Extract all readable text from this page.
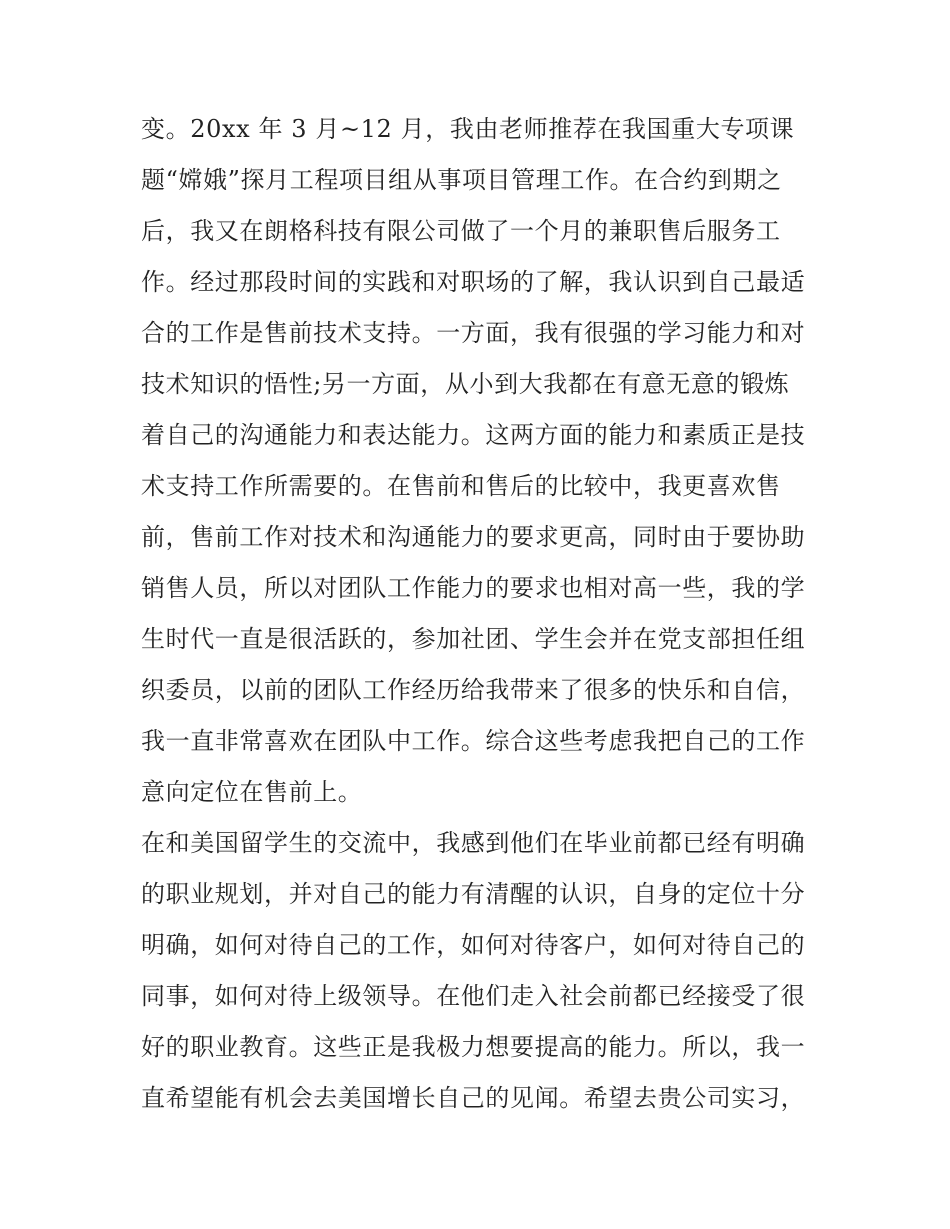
变。20xx 年 3 月~12 月，我由老师推荐在我国重大专项课
题“嫦娥”探月工程项目组从事项目管理工作。在合约到期之
后，我又在朗格科技有限公司做了一个月的兼职售后服务工
作。经过那段时间的实践和对职场的了解，我认识到自己最适
合的工作是售前技术支持。一方面，我有很强的学习能力和对
技术知识的悟性;另一方面，从小到大我都在有意无意的锻炼
着自己的沟通能力和表达能力。这两方面的能力和素质正是技
术支持工作所需要的。在售前和售后的比较中，我更喜欢售
前，售前工作对技术和沟通能力的要求更高，同时由于要协助
销售人员，所以对团队工作能力的要求也相对高一些，我的学
生时代一直是很活跃的，参加社团、学生会并在党支部担任组
织委员，以前的团队工作经历给我带来了很多的快乐和自信，
我一直非常喜欢在团队中工作。综合这些考虑我把自己的工作
意向定位在售前上。
在和美国留学生的交流中，我感到他们在毕业前都已经有明确
的职业规划，并对自己的能力有清醒的认识，自身的定位十分
明确，如何对待自己的工作，如何对待客户，如何对待自己的
同事，如何对待上级领导。在他们走入社会前都已经接受了很
好的职业教育。这些正是我极力想要提高的能力。所以，我一
直希望能有机会去美国增长自己的见闻。希望去贵公司实习，
